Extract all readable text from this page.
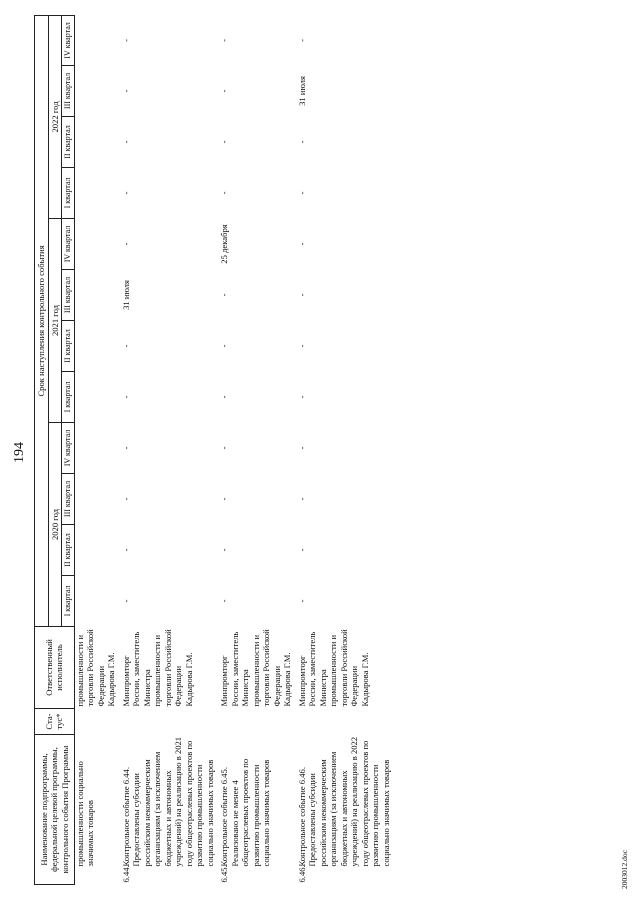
194
Наименование подпрограммы, федеральной целевой программы, контрольного события Программы		Ста-тус*	Ответственный исполнитель	Срок наступления контрольного события											
				2020 год				2021 год				2022 год			
				I квартал	II квартал	III квартал	IV квартал	I квартал	II квартал	III квартал	IV квартал	I квартал	II квартал	III квартал	IV квартал
	промышленности социально значимых товаров		промышленности и торговли Российской Федерации Кадырова Г.М.												
6.44.	Контрольное событие 6.44. Предоставлены субсидии российским некоммерческим организациям (за исключением бюджетных и автономных учреждений) на реализацию в 2021 году общеотраслевых проектов по развитию промышленности социально значимых товаров		Минпромторг России, заместитель Министра промышленности и торговли Российской Федерации Кадырова Г.М.	-	-	-	-	-	-	31 июля	-	-	-	-	-
6.45.	Контрольное событие 6.45. Реализовано не менее 4 общеотраслевых проектов по развитию промышленности социально значимых товаров		Минпромторг России, заместитель Министра промышленности и торговли Российской Федерации Кадырова Г.М.	-	-	-	-	-	-	-	25 декабря	-	-	-	-
6.46.	Контрольное событие 6.46. Предоставлены субсидии российским некоммерческим организациям (за исключением бюджетных и автономных учреждений) на реализацию в 2022 году общеотраслевых проектов по развитию промышленности социально значимых товаров		Минпромторг России, заместитель Министра промышленности и торговли Российской Федерации Кадырова Г.М.	-	-	-	-	-	-	-	-	-	-	31 июля	-
2003012.doc
